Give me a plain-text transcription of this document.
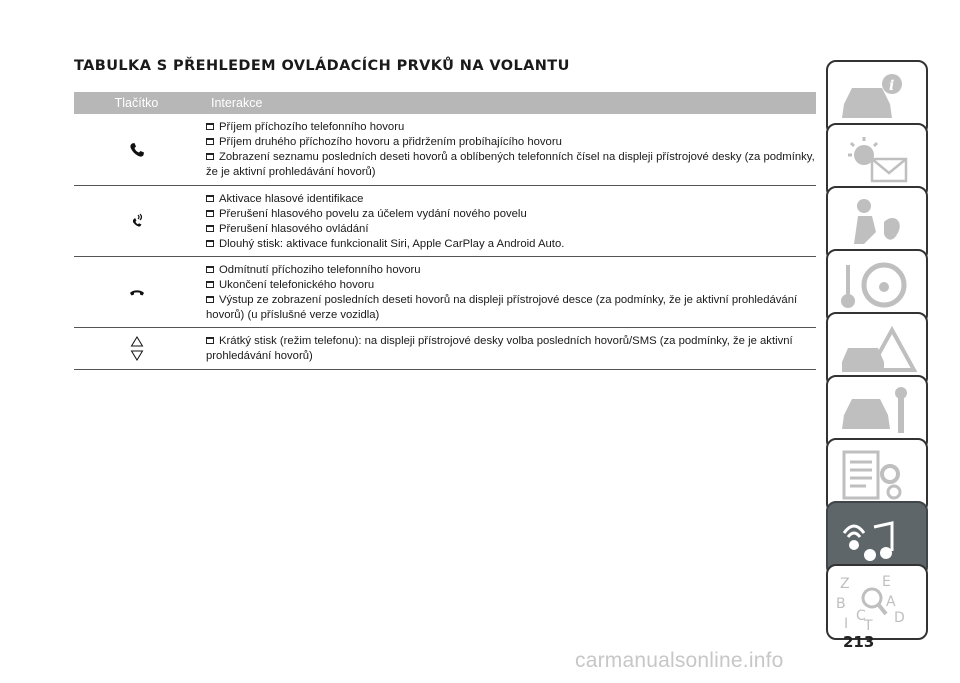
TABULKA S PŘEHLEDEM OVLÁDACÍCH PRVKŮ NA VOLANTU
Tlačítko	Interakce
Příjem příchozího telefonního hovoru
Příjem druhého příchozího hovoru a přidržením probíhajícího hovoru
Zobrazení seznamu posledních deseti hovorů a oblíbených telefonních čísel na displeji přístrojové desky (za podmínky, že je aktivní prohledávání hovorů)
Aktivace hlasové identifikace
Přerušení hlasového povelu za účelem vydání nového povelu
Přerušení hlasového ovládání
Dlouhý stisk: aktivace funkcionalit Siri, Apple CarPlay a Android Auto.
Odmítnutí příchoziho telefonního hovoru
Ukončení telefonického hovoru
Výstup ze zobrazení posledních deseti hovorů na displeji přístrojové desce (za podmínky, že je aktivní prohledávání hovorů) (u příslušné verze vozidla)
Krátký stisk (režim telefonu): na displeji přístrojové desky volba posledních hovorů/SMS (za podmínky, že je aktivní prohledávání hovorů)
i
Z E
B	A
I C
T D
213
carmanualsonline.info
